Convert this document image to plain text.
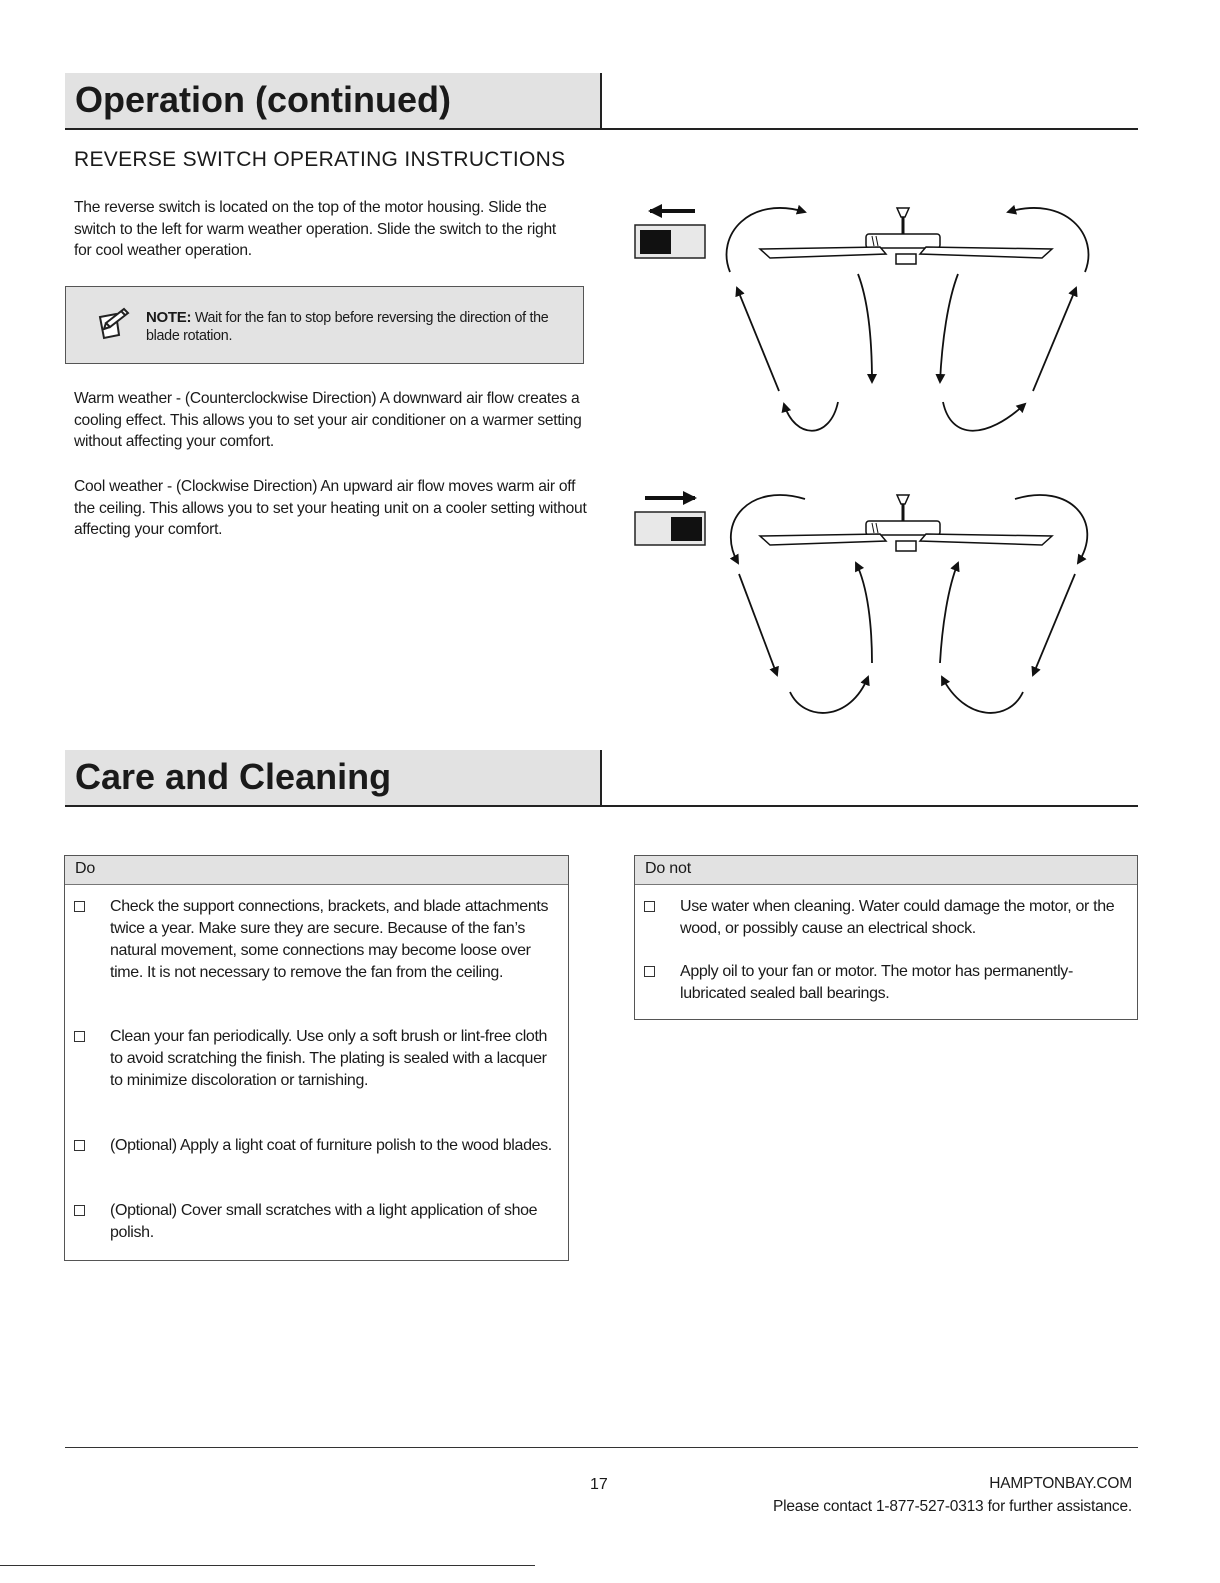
Operation (continued)
REVERSE SWITCH OPERATING INSTRUCTIONS
The reverse switch is located on the top of the motor housing. Slide the switch to the left for warm weather operation. Slide the switch to the right for cool weather operation.
NOTE: Wait for the fan to stop before reversing the direction of the blade rotation.
Warm weather - (Counterclockwise Direction) A downward air flow creates a cooling effect. This allows you to set your air conditioner on a warmer setting without affecting your comfort.
Cool weather - (Clockwise Direction) An upward air flow moves warm air off the ceiling. This allows you to set your heating unit on a cooler setting without affecting your comfort.
Care and Cleaning
Do
Check the support connections, brackets, and blade attachments twice a year. Make sure they are secure. Because of the fan’s natural movement, some connections may become loose over time. It is not necessary to remove the fan from the ceiling.
Clean your fan periodically. Use only a soft brush or lint-free cloth to avoid scratching the finish. The plating is sealed with a lacquer to minimize discoloration or tarnishing.
(Optional) Apply a light coat of furniture polish to the wood blades.
(Optional) Cover small scratches with a light application of shoe polish.
Do not
Use water when cleaning. Water could damage the motor, or the wood, or possibly cause an electrical shock.
Apply oil to your fan or motor. The motor has permanently-lubricated sealed ball bearings.
17	HAMPTONBAY.COM
Please contact 1-877-527-0313 for further assistance.
